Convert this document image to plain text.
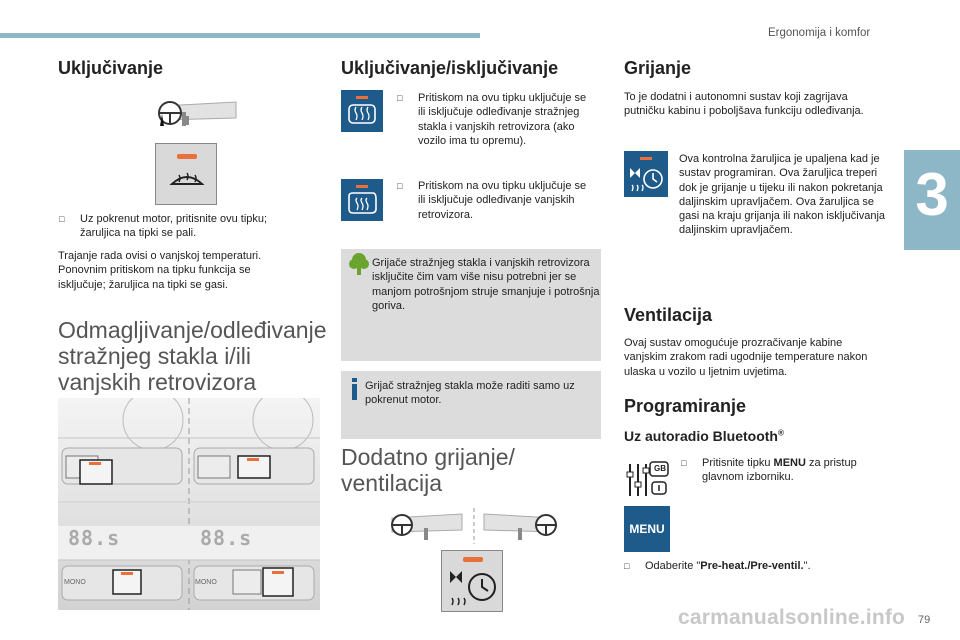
Ergonomija i komfor
3
Uključivanje
□ Uz pokrenut motor, pritisnite ovu tipku; žaruljica na tipki se pali.
Trajanje rada ovisi o vanjskoj temperaturi. Ponovnim pritiskom na tipku funkcija se isključuje; žaruljica na tipki se gasi.
Odmagljivanje/odleđivanje stražnjeg stakla i/ili vanjskih retrovizora
88.s	88.s
MONO	MONO
Uključivanje/isključivanje
□ Pritiskom na ovu tipku uključuje se ili isključuje odleđivanje stražnjeg stakla i vanjskih retrovizora (ako vozilo ima tu opremu).
□ Pritiskom na ovu tipku uključuje se ili isključuje odleđivanje vanjskih retrovizora.
Grijače stražnjeg stakla i vanjskih retrovizora isključite čim vam više nisu potrebni jer se manjom potrošnjom struje smanjuje i potrošnja goriva.
Grijač stražnjeg stakla može raditi samo uz pokrenut motor.
Dodatno grijanje/ ventilacija
Grijanje
To je dodatni i autonomni sustav koji zagrijava putničku kabinu i poboljšava funkciju odleđivanja.
Ova kontrolna žaruljica je upaljena kad je sustav programiran. Ova žaruljica treperi dok je grijanje u tijeku ili nakon pokretanja daljinskim upravljačem. Ova žaruljica se gasi na kraju grijanja ili nakon isključivanja daljinskim upravljačem.
Ventilacija
Ovaj sustav omogućuje prozračivanje kabine vanjskim zrakom radi ugodnije temperature nakon ulaska u vozilo u ljetnim uvjetima.
Programiranje
Uz autoradio Bluetooth®
GB
□ Pritisnite tipku MENU za pristup glavnom izborniku.
MENU
□ Odaberite "Pre-heat./Pre-ventil.".
carmanualsonline.info 79
